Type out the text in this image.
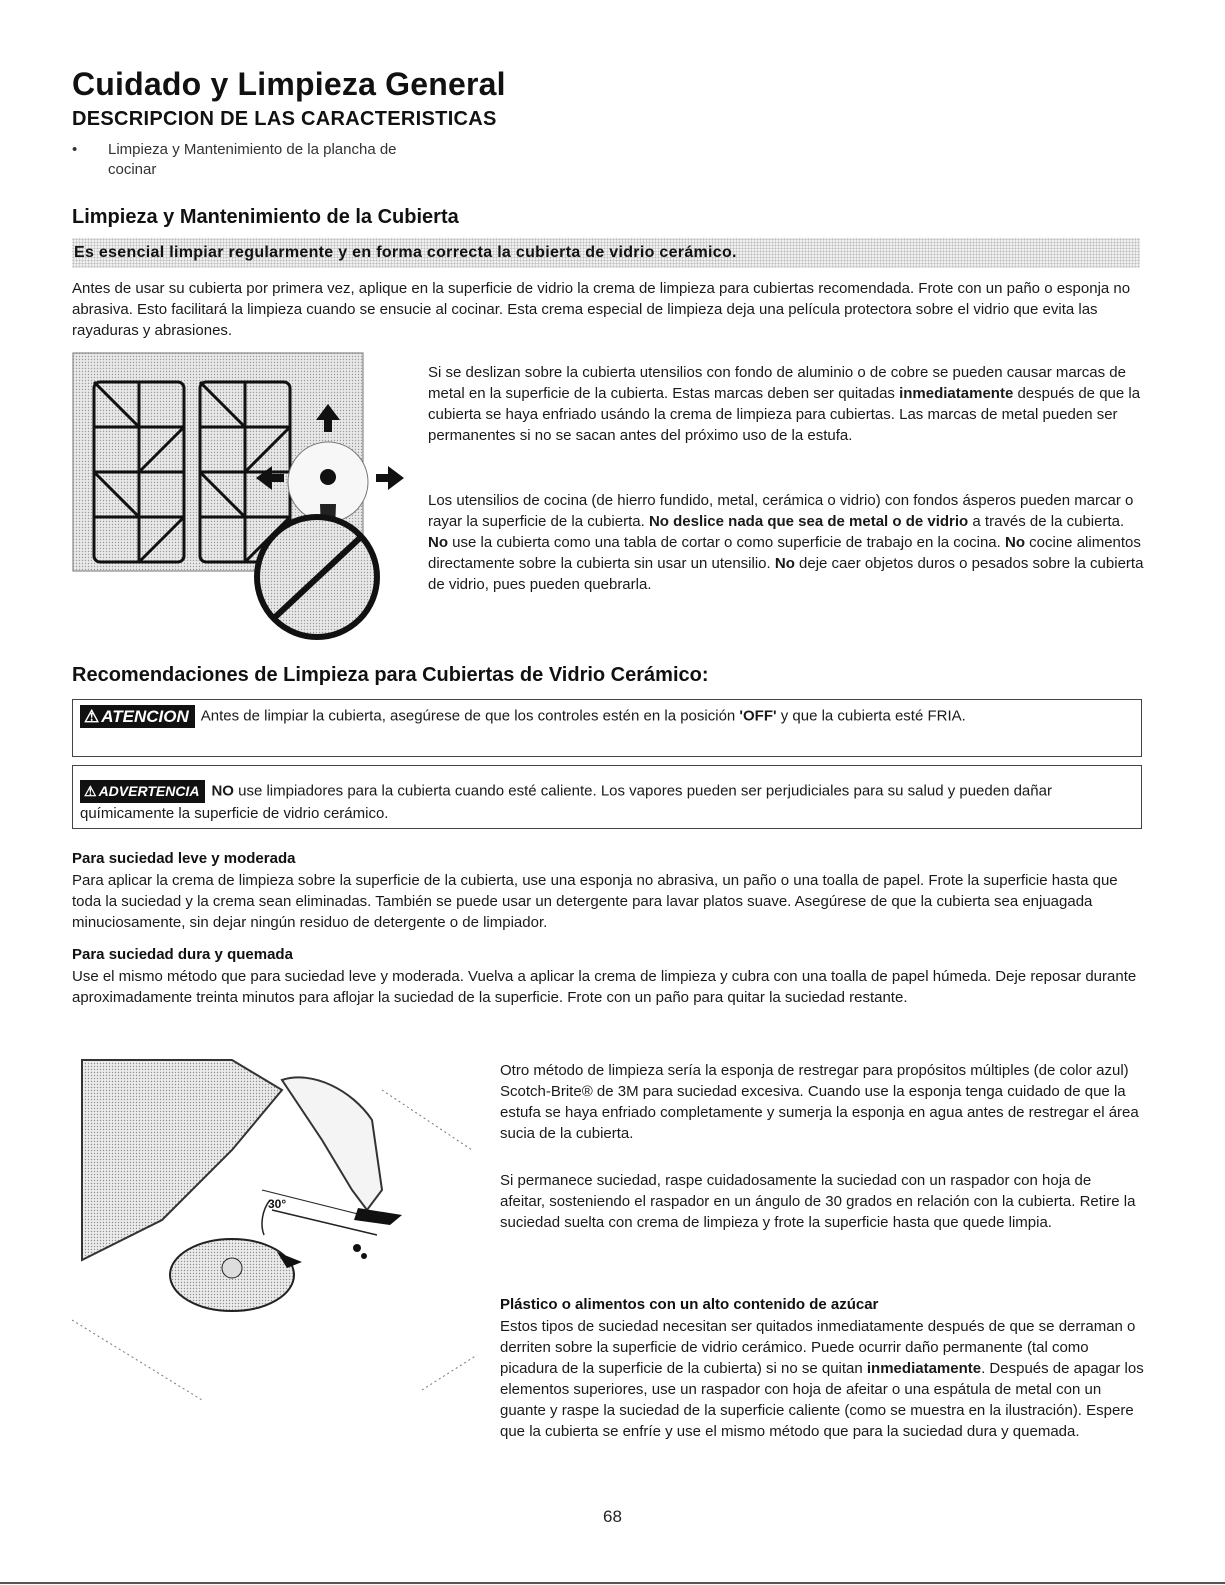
Cuidado y Limpieza General
DESCRIPCION DE LAS CARACTERISTICAS
• Limpieza y Mantenimiento de la plancha de cocinar
Limpieza y Mantenimiento de la Cubierta
Es esencial limpiar regularmente y en forma correcta la cubierta de vidrio cerámico.
Antes de usar su cubierta por primera vez, aplique en la superficie de vidrio la crema de limpieza para cubiertas recomendada. Frote con un paño o esponja no abrasiva. Esto facilitará la limpieza cuando se ensucie al cocinar. Esta crema especial de limpieza deja una película protectora sobre el vidrio que evita las rayaduras y abrasiones.
Si se deslizan sobre la cubierta utensilios con fondo de aluminio o de cobre se pueden causar marcas de metal en la superficie de la cubierta. Estas marcas deben ser quitadas inmediatamente después de que la cubierta se haya enfriado usándo la crema de limpieza para cubiertas. Las marcas de metal pueden ser permanentes si no se sacan antes del próximo uso de la estufa.
Los utensilios de cocina (de hierro fundido, metal, cerámica o vidrio) con fondos ásperos pueden marcar o rayar la superficie de la cubierta. No deslice nada que sea de metal o de vidrio a través de la cubierta. No use la cubierta como una tabla de cortar o como superficie de trabajo en la cocina. No cocine alimentos directamente sobre la cubierta sin usar un utensilio. No deje caer objetos duros o pesados sobre la cubierta de vidrio, pues pueden quebrarla.
Recomendaciones de Limpieza para Cubiertas de Vidrio Cerámico:
⚠ ATENCION Antes de limpiar la cubierta, asegúrese de que los controles estén en la posición 'OFF' y que la cubierta esté FRIA.
⚠ ADVERTENCIA NO use limpiadores para la cubierta cuando esté caliente. Los vapores pueden ser perjudiciales para su salud y pueden dañar químicamente la superficie de vidrio cerámico.
Para suciedad leve y moderada
Para aplicar la crema de limpieza sobre la superficie de la cubierta, use una esponja no abrasiva, un paño o una toalla de papel. Frote la superficie hasta que toda la suciedad y la crema sean eliminadas. También se puede usar un detergente para lavar platos suave. Asegúrese de que la cubierta sea enjuagada minuciosamente, sin dejar ningún residuo de detergente o de limpiador.
Para suciedad dura y quemada
Use el mismo método que para suciedad leve y moderada. Vuelva a aplicar la crema de limpieza y cubra con una toalla de papel húmeda. Deje reposar durante aproximadamente treinta minutos para aflojar la suciedad de la superficie. Frote con un paño para quitar la suciedad restante.
30°
Otro método de limpieza sería la esponja de restregar para propósitos múltiples (de color azul) Scotch-Brite® de 3M para suciedad excesiva. Cuando use la esponja tenga cuidado de que la estufa se haya enfriado completamente y sumerja la esponja en agua antes de restregar el área sucia de la cubierta.
Si permanece suciedad, raspe cuidadosamente la suciedad con un raspador con hoja de afeitar, sosteniendo el raspador en un ángulo de 30 grados en relación con la cubierta. Retire la suciedad suelta con crema de limpieza y frote la superficie hasta que quede limpia.
Plástico o alimentos con un alto contenido de azúcar
Estos tipos de suciedad necesitan ser quitados inmediatamente después de que se derraman o derriten sobre la superficie de vidrio cerámico. Puede ocurrir daño permanente (tal como picadura de la superficie de la cubierta) si no se quitan inmediatamente. Después de apagar los elementos superiores, use un raspador con hoja de afeitar o una espátula de metal con un guante y raspe la suciedad de la superficie caliente (como se muestra en la ilustración). Espere que la cubierta se enfríe y use el mismo método que para la suciedad dura y quemada.
68
